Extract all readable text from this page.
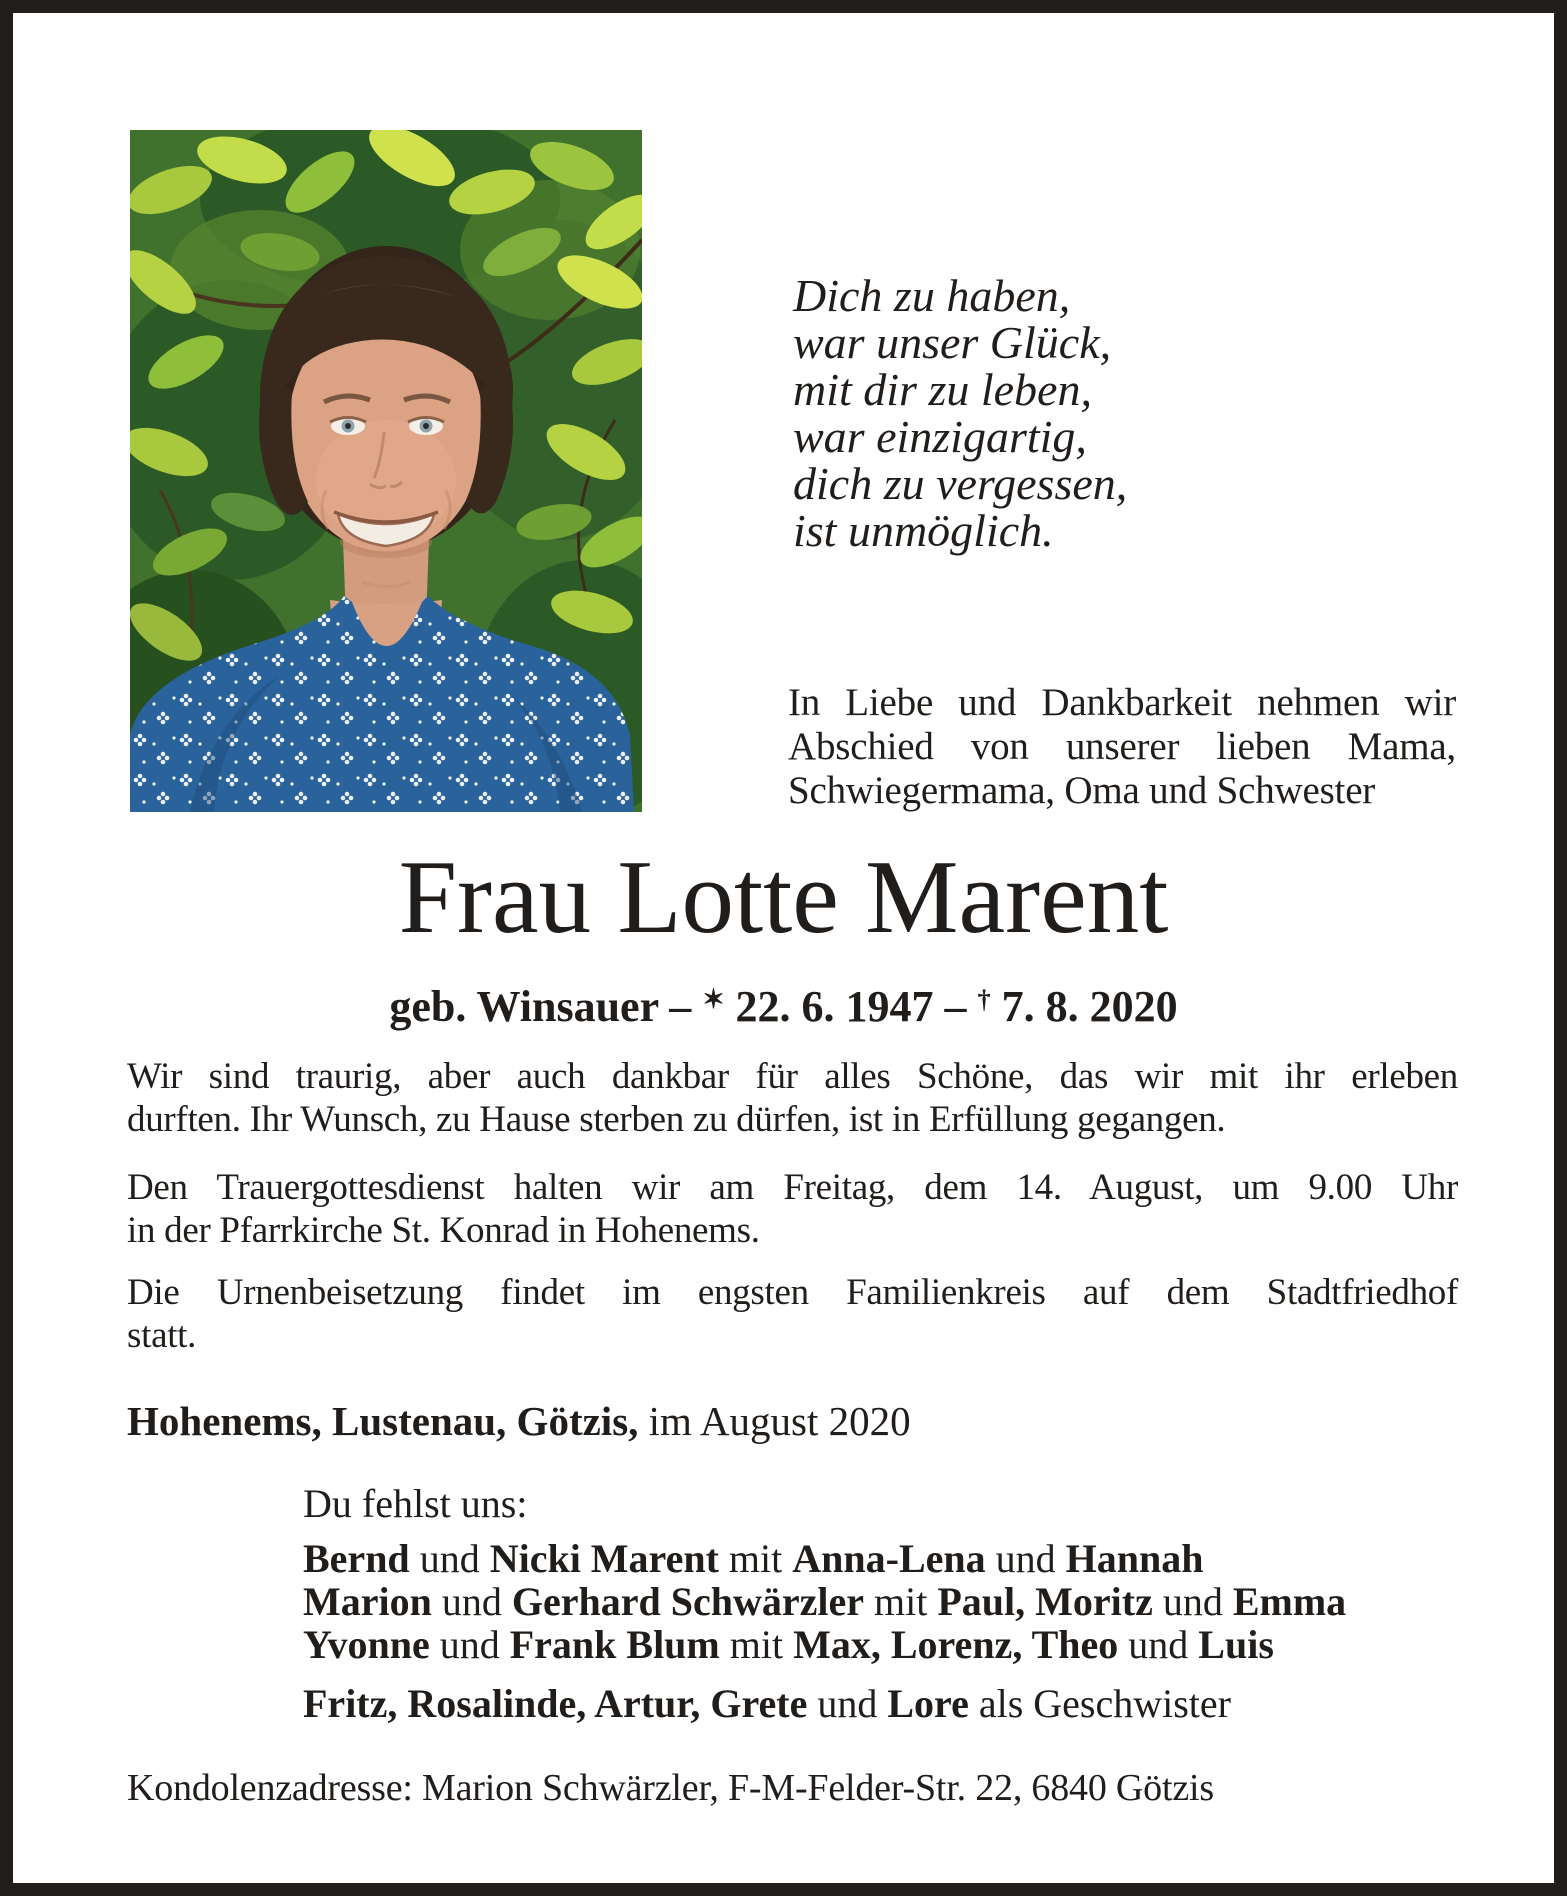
Dich zu haben,
war unser Glück,
mit dir zu leben,
war einzigartig,
dich zu vergessen,
ist unmöglich.
In Liebe und Dankbarkeit nehmen wir
Abschied von unserer lieben Mama,
Schwiegermama, Oma und Schwester
Frau Lotte Marent
geb. Winsauer – ✶ 22. 6. 1947 – † 7. 8. 2020
Wir sind traurig, aber auch dankbar für alles Schöne, das wir mit ihr erleben
durften. Ihr Wunsch, zu Hause sterben zu dürfen, ist in Erfüllung gegangen.
Den Trauergottesdienst halten wir am Freitag, dem 14. August, um 9.00 Uhr
in der Pfarrkirche St. Konrad in Hohenems.
Die Urnenbeisetzung findet im engsten Familienkreis auf dem Stadtfriedhof
statt.
Hohenems, Lustenau, Götzis, im August 2020
Du fehlst uns:
Bernd und Nicki Marent mit Anna-Lena und Hannah
Marion und Gerhard Schwärzler mit Paul, Moritz und Emma
Yvonne und Frank Blum mit Max, Lorenz, Theo und Luis
Fritz, Rosalinde, Artur, Grete und Lore als Geschwister
Kondolenzadresse: Marion Schwärzler, F-M-Felder-Str. 22, 6840 Götzis
